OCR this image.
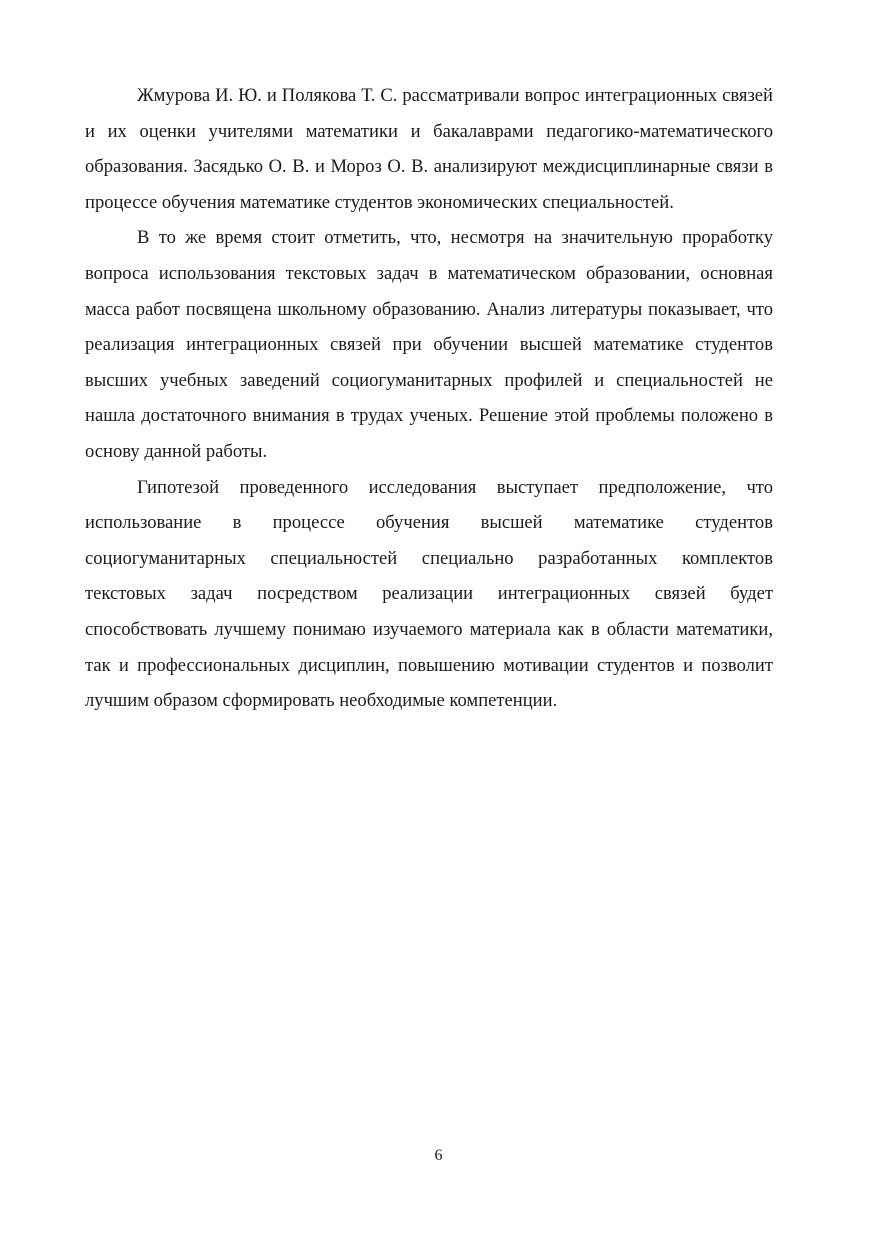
Жмурова И. Ю. и Полякова Т. С. рассматривали вопрос интеграционных связей и их оценки учителями математики и бакалаврами педагогико-математического образования. Засядько О. В. и Мороз О. В. анализируют междисциплинарные связи в процессе обучения математике студентов экономических специальностей.

В то же время стоит отметить, что, несмотря на значительную проработку вопроса использования текстовых задач в математическом образовании, основная масса работ посвящена школьному образованию. Анализ литературы показывает, что реализация интеграционных связей при обучении высшей математике студентов высших учебных заведений социогуманитарных профилей и специальностей не нашла достаточного внимания в трудах ученых. Решение этой проблемы положено в основу данной работы.

Гипотезой проведенного исследования выступает предположение, что использование в процессе обучения высшей математике студентов социогуманитарных специальностей специально разработанных комплектов текстовых задач посредством реализации интеграционных связей будет способствовать лучшему понимаю изучаемого материала как в области математики, так и профессиональных дисциплин, повышению мотивации студентов и позволит лучшим образом сформировать необходимые компетенции.

6
